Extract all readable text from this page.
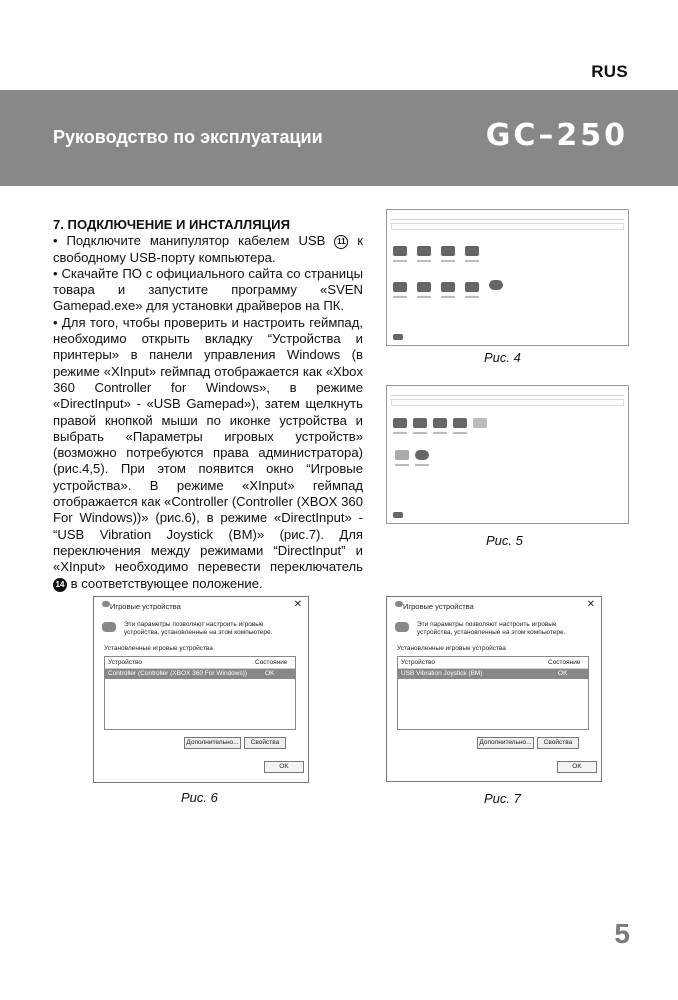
RUS
Руководство по эксплуатации	GC–250
7. ПОДКЛЮЧЕНИЕ И ИНСТАЛЛЯЦИЯ

• Подключите манипулятор кабелем USB 11 к свободному USB-порту компьютера.

• Скачайте ПО с официального сайта со страницы товара и запустите программу «SVEN Gamepad.exe» для установки драйверов на ПК.

• Для того, чтобы проверить и настроить геймпад, необходимо открыть вкладку “Устройства и принтеры» в панели управления Windows (в режиме «XInput» геймпад отображается как «Xbox 360 Controller for Windows», в режиме «DirectInput» - «USB Gamepad»), затем щелкнуть правой кнопкой мыши по иконке устройства и выбрать «Параметры игровых устройств» (возможно потребуются права администратора) (рис.4,5). При этом появится окно “Игровые устройства». В режиме «XInput» геймпад отображается как «Controller (Controller (XBOX 360 For Windows))» (рис.6), в режиме «DirectInput» - “USB Vibration Joystick (BM)» (рис.7). Для переключения между режимами “DirectInput” и «XInput» необходимо перевести переключатель 14 в соответствующее положение.

Рис. 4
Рис. 5
Игровые устройства	✕
Эти параметры позволяют настроить игровые устройства, установленные на этом компьютере.
Установленные игровые устройства
Устройство	Состояние
Controller (Controller (XBOX 360 For Windows))	OK
Дополнительно...	Свойства
OK
Рис. 6
Игровые устройства	✕
Эти параметры позволяют настроить игровые устройства, установленные на этом компьютере.
Установленные игровые устройства
Устройство	Состояние
USB Vibration Joystick (BM)	OK
Дополнительно...	Свойства
OK
Рис. 7
5
